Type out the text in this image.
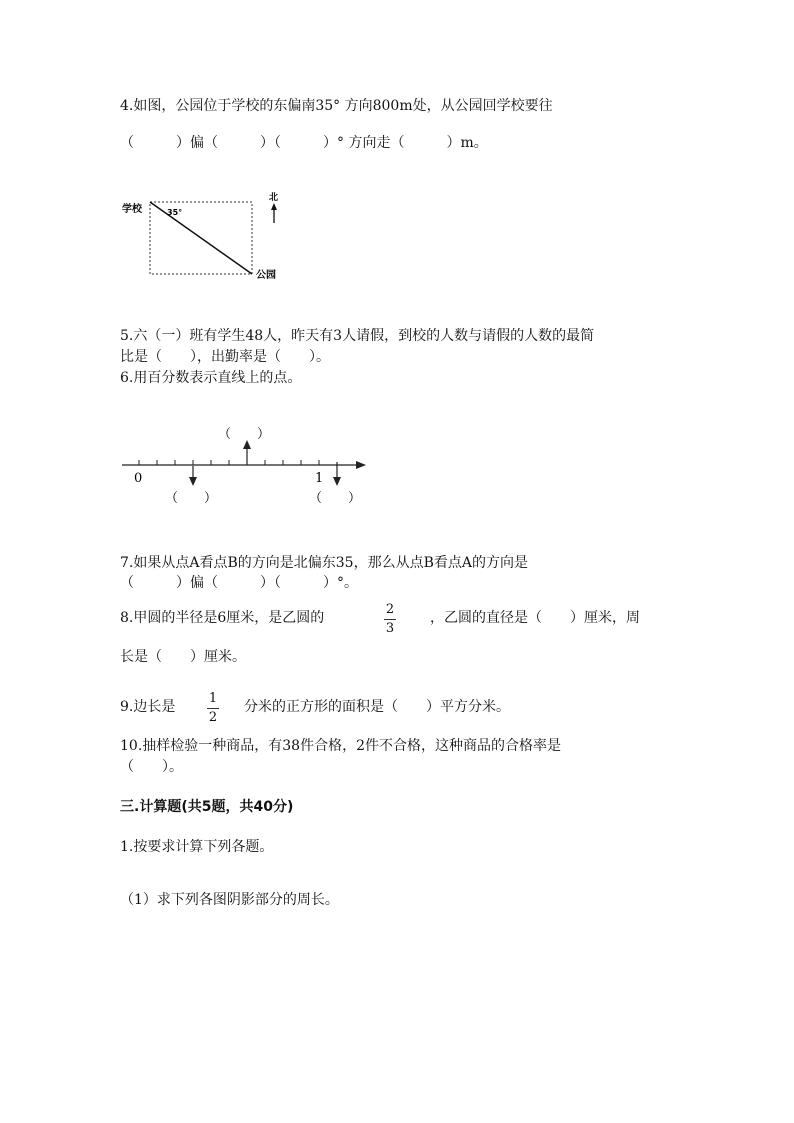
4.如图，公园位于学校的东偏南35° 方向800m处，从公园回学校要往
（　　　）偏（　　　）（　　　）° 方向走（　　　）m。
学校
公园
35°
北
5.六（一）班有学生48人，昨天有3人请假，到校的人数与请假的人数的最简
比是（　　），出勤率是（　　）。
6.用百分数表示直线上的点。
0	1
（　　）
（　　）	（　　）
7.如果从点A看点B的方向是北偏东35，那么从点B看点A的方向是
（　　　）偏（　　　）（　　　）°。
8.甲圆的半径是6厘米，是乙圆的
2
3
，乙圆的直径是（　　）厘米，周
长是（　　）厘米。
9.边长是
1
2
分米的正方形的面积是（　　）平方分米。
10.抽样检验一种商品，有38件合格，2件不合格，这种商品的合格率是
（　　）。
三.计算题(共5题，共40分)
1.按要求计算下列各题。
（1）求下列各图阴影部分的周长。
